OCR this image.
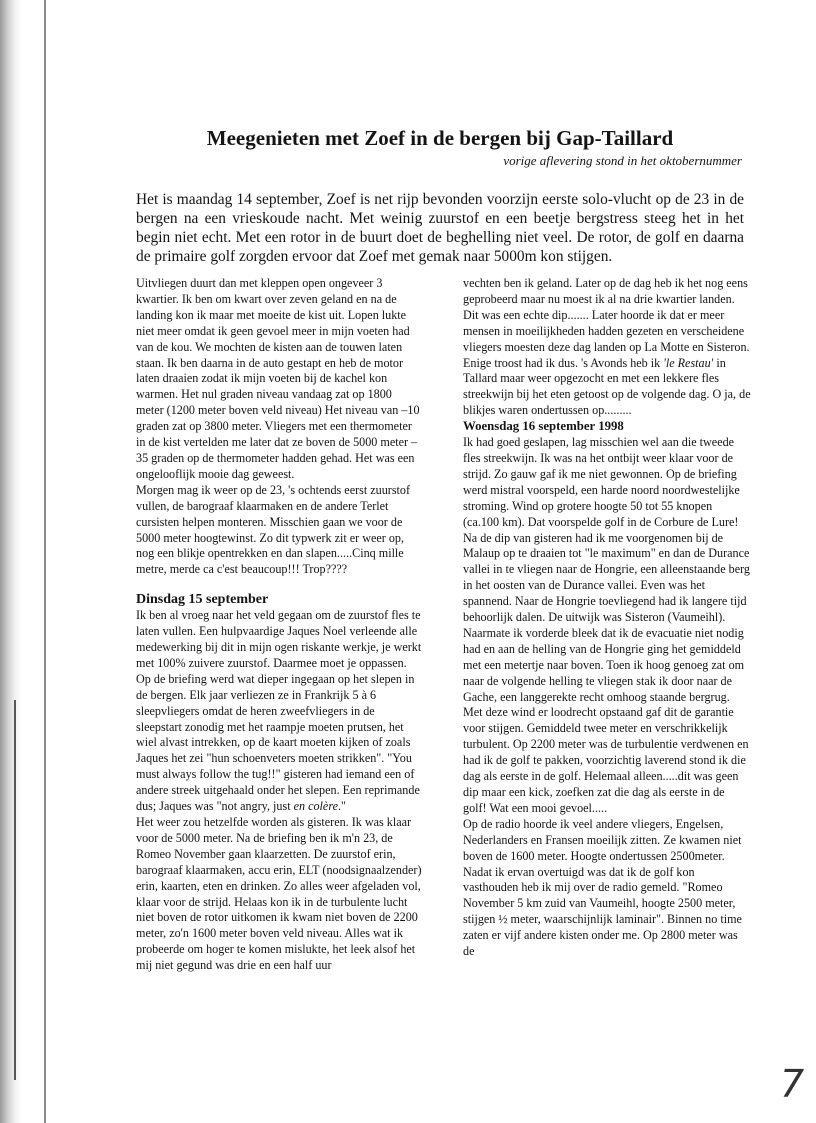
Meegenieten met Zoef in de bergen bij Gap-Taillard
vorige aflevering stond in het oktobernummer

Het is maandag 14 september, Zoef is net rijp bevonden voorzijn eerste solo-vlucht op de 23 in de bergen na een vrieskoude nacht. Met weinig zuurstof en een beetje bergstress steeg het in het begin niet echt. Met een rotor in de buurt doet de beghelling niet veel. De rotor, de golf en daarna de primaire golf zorgden ervoor dat Zoef met gemak naar 5000m kon stijgen.

Uitvliegen duurt dan met kleppen open ongeveer 3 kwartier. Ik ben om kwart over zeven geland en na de landing kon ik maar met moeite de kist uit. Lopen lukte niet meer omdat ik geen gevoel meer in mijn voeten had van de kou. We mochten de kisten aan de touwen laten staan. Ik ben daarna in de auto gestapt en heb de motor laten draaien zodat ik mijn voeten bij de kachel kon warmen. Het nul graden niveau vandaag zat op 1800 meter (1200 meter boven veld niveau) Het niveau van –10 graden zat op 3800 meter. Vliegers met een thermometer in de kist vertelden me later dat ze boven de 5000 meter –35 graden op de thermometer hadden gehad. Het was een ongelooflijk mooie dag geweest.
Morgen mag ik weer op de 23, 's ochtends eerst zuurstof vullen, de barograaf klaarmaken en de andere Terlet cursisten helpen monteren. Misschien gaan we voor de 5000 meter hoogtewinst. Zo dit typwerk zit er weer op, nog een blikje opentrekken en dan slapen.....Cinq mille metre, merde ca c'est beaucoup!!! Trop????
Dinsdag 15 september
Ik ben al vroeg naar het veld gegaan om de zuurstof fles te laten vullen. Een hulpvaardige Jaques Noel verleende alle medewerking bij dit in mijn ogen riskante werkje, je werkt met 100% zuivere zuurstof. Daarmee moet je oppassen. Op de briefing werd wat dieper ingegaan op het slepen in de bergen. Elk jaar verliezen ze in Frankrijk 5 à 6 sleepvliegers omdat de heren zweefvliegers in de sleepstart zonodig met het raampje moeten prutsen, het wiel alvast intrekken, op de kaart moeten kijken of zoals Jaques het zei "hun schoenveters moeten strikken". "You must always follow the tug!!" gisteren had iemand een of andere streek uitgehaald onder het slepen. Een reprimande dus; Jaques was "not angry, just en colère."
Het weer zou hetzelfde worden als gisteren. Ik was klaar voor de 5000 meter. Na de briefing ben ik m'n 23, de Romeo November gaan klaarzetten. De zuurstof erin, barograaf klaarmaken, accu erin, ELT (noodsignaalzender) erin, kaarten, eten en drinken. Zo alles weer afgeladen vol, klaar voor de strijd. Helaas kon ik in de turbulente lucht niet boven de rotor uitkomen ik kwam niet boven de 2200 meter, zo'n 1600 meter boven veld niveau. Alles wat ik probeerde om hoger te komen mislukte, het leek alsof het mij niet gegund was drie en een half uur
vechten ben ik geland. Later op de dag heb ik het nog eens geprobeerd maar nu moest ik al na drie kwartier landen. Dit was een echte dip....... Later hoorde ik dat er meer mensen in moeilijkheden hadden gezeten en verscheidene vliegers moesten deze dag landen op La Motte en Sisteron. Enige troost had ik dus. 's Avonds heb ik 'le Restau' in Tallard maar weer opgezocht en met een lekkere fles streekwijn bij het eten getoost op de volgende dag. O ja, de blikjes waren ondertussen op.........
Woensdag 16 september 1998
Ik had goed geslapen, lag misschien wel aan die tweede fles streekwijn. Ik was na het ontbijt weer klaar voor de strijd. Zo gauw gaf ik me niet gewonnen. Op de briefing werd mistral voorspeld, een harde noord noordwestelijke stroming. Wind op grotere hoogte 50 tot 55 knopen (ca.100 km). Dat voorspelde golf in de Corbure de Lure!
Na de dip van gisteren had ik me voorgenomen bij de Malaup op te draaien tot "le maximum" en dan de Durance vallei in te vliegen naar de Hongrie, een alleenstaande berg in het oosten van de Durance vallei. Even was het spannend. Naar de Hongrie toevliegend had ik langere tijd behoorlijk dalen. De uitwijk was Sisteron (Vaumeihl).
Naarmate ik vorderde bleek dat ik de evacuatie niet nodig had en aan de helling van de Hongrie ging het gemiddeld met een metertje naar boven. Toen ik hoog genoeg zat om naar de volgende helling te vliegen stak ik door naar de Gache, een langgerekte recht omhoog staande bergrug. Met deze wind er loodrecht opstaand gaf dit de garantie voor stijgen. Gemiddeld twee meter en verschrikkelijk turbulent. Op 2200 meter was de turbulentie verdwenen en had ik de golf te pakken, voorzichtig laverend stond ik die dag als eerste in de golf. Helemaal alleen.....dit was geen dip maar een kick, zoefken zat die dag als eerste in de golf! Wat een mooi gevoel.....
Op de radio hoorde ik veel andere vliegers, Engelsen, Nederlanders en Fransen moeilijk zitten. Ze kwamen niet boven de 1600 meter. Hoogte ondertussen 2500meter. Nadat ik ervan overtuigd was dat ik de golf kon vasthouden heb ik mij over de radio gemeld. "Romeo November 5 km zuid van Vaumeihl, hoogte 2500 meter, stijgen ½ meter, waarschijnlijk laminair". Binnen no time zaten er vijf andere kisten onder me. Op 2800 meter was de
7
